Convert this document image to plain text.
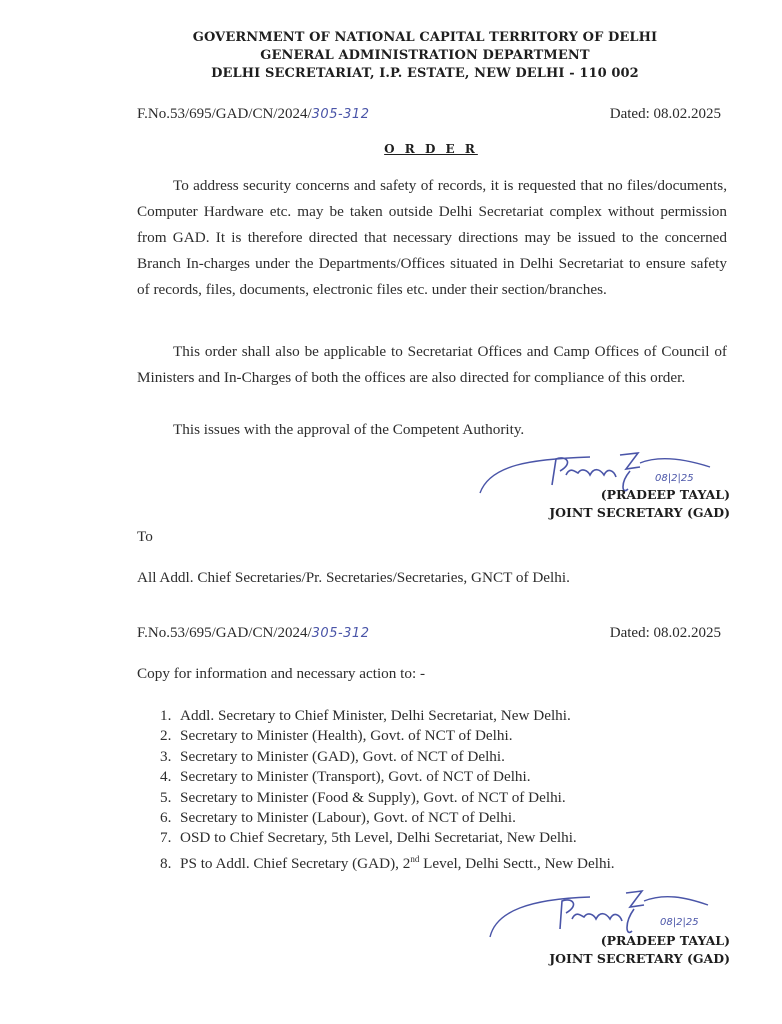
GOVERNMENT OF NATIONAL CAPITAL TERRITORY OF DELHI
GENERAL ADMINISTRATION DEPARTMENT
DELHI SECRETARIAT, I.P. ESTATE, NEW DELHI - 110 002
F.No.53/695/GAD/CN/2024/305-312	Dated: 08.02.2025
O R D E R

To address security concerns and safety of records, it is requested that no files/documents, Computer Hardware etc. may be taken outside Delhi Secretariat complex without permission from GAD. It is therefore directed that necessary directions may be issued to the concerned Branch In-charges under the Departments/Offices situated in Delhi Secretariat to ensure safety of records, files, documents, electronic files etc. under their section/branches.

This order shall also be applicable to Secretariat Offices and Camp Offices of Council of Ministers and In-Charges of both the offices are also directed for compliance of this order.

This issues with the approval of the Competent Authority.

08|2|25
(PRADEEP TAYAL)
JOINT SECRETARY (GAD)
To
All Addl. Chief Secretaries/Pr. Secretaries/Secretaries, GNCT of Delhi.
F.No.53/695/GAD/CN/2024/305-312	Dated: 08.02.2025
Copy for information and necessary action to: -
1. Addl. Secretary to Chief Minister, Delhi Secretariat, New Delhi.
2. Secretary to Minister (Health), Govt. of NCT of Delhi.
3. Secretary to Minister (GAD), Govt. of NCT of Delhi.
4. Secretary to Minister (Transport), Govt. of NCT of Delhi.
5. Secretary to Minister (Food & Supply), Govt. of NCT of Delhi.
6. Secretary to Minister (Labour), Govt. of NCT of Delhi.
7. OSD to Chief Secretary, 5th Level, Delhi Secretariat, New Delhi.
8. PS to Addl. Chief Secretary (GAD), 2nd Level, Delhi Sectt., New Delhi.
08|2|25
(PRADEEP TAYAL)
JOINT SECRETARY (GAD)
